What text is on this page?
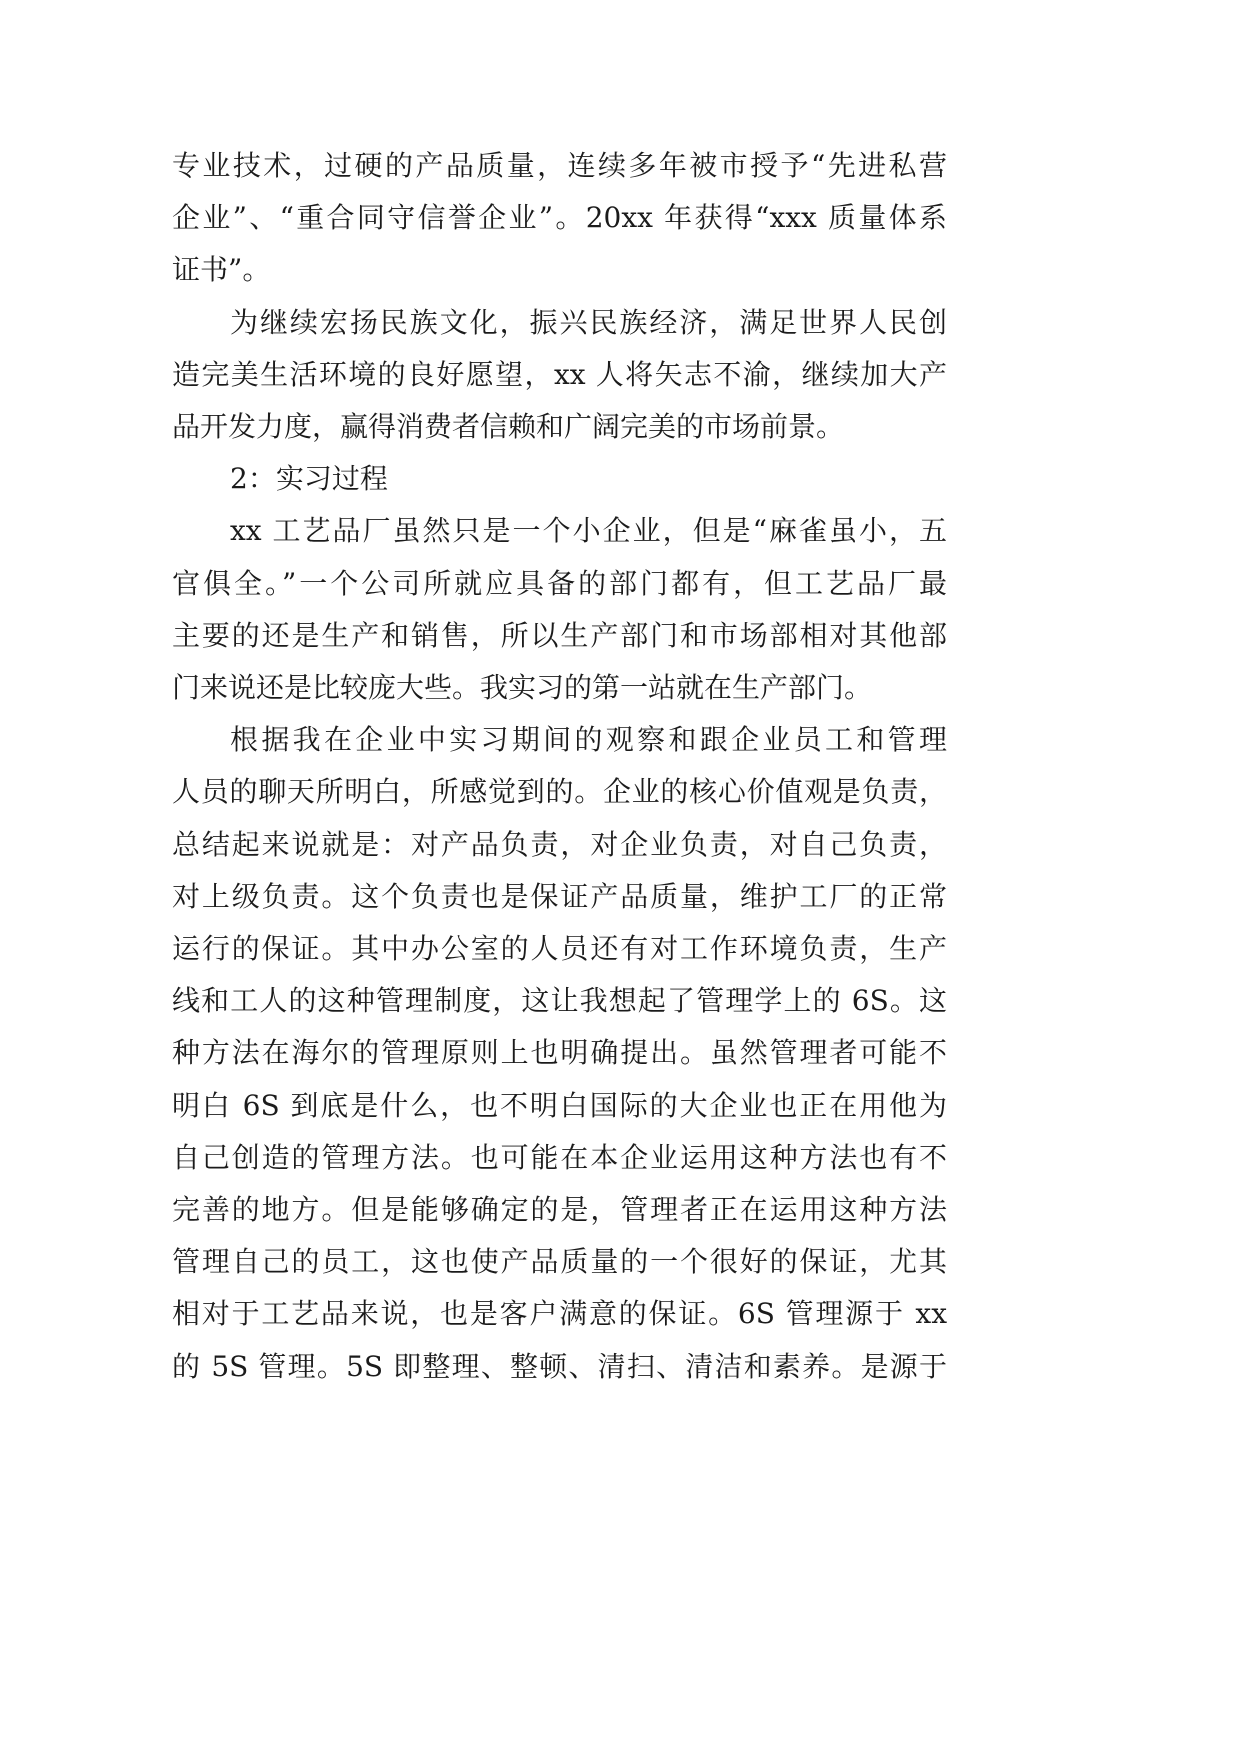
专业技术，过硬的产品质量，连续多年被市授予“先进私营
企业”、“重合同守信誉企业”。20xx 年获得“xxx 质量体系
证书”。
为继续宏扬民族文化，振兴民族经济，满足世界人民创
造完美生活环境的良好愿望，xx 人将矢志不渝，继续加大产
品开发力度，赢得消费者信赖和广阔完美的市场前景。
2：实习过程
xx 工艺品厂虽然只是一个小企业，但是“麻雀虽小，五
官俱全。”一个公司所就应具备的部门都有，但工艺品厂最
主要的还是生产和销售，所以生产部门和市场部相对其他部
门来说还是比较庞大些。我实习的第一站就在生产部门。
根据我在企业中实习期间的观察和跟企业员工和管理
人员的聊天所明白，所感觉到的。企业的核心价值观是负责，
总结起来说就是：对产品负责，对企业负责，对自己负责，
对上级负责。这个负责也是保证产品质量，维护工厂的正常
运行的保证。其中办公室的人员还有对工作环境负责，生产
线和工人的这种管理制度，这让我想起了管理学上的 6S。这
种方法在海尔的管理原则上也明确提出。虽然管理者可能不
明白 6S 到底是什么，也不明白国际的大企业也正在用他为
自己创造的管理方法。也可能在本企业运用这种方法也有不
完善的地方。但是能够确定的是，管理者正在运用这种方法
管理自己的员工，这也使产品质量的一个很好的保证，尤其
相对于工艺品来说，也是客户满意的保证。6S 管理源于 xx
的 5S 管理。5S 即整理、整顿、清扫、清洁和素养。是源于
